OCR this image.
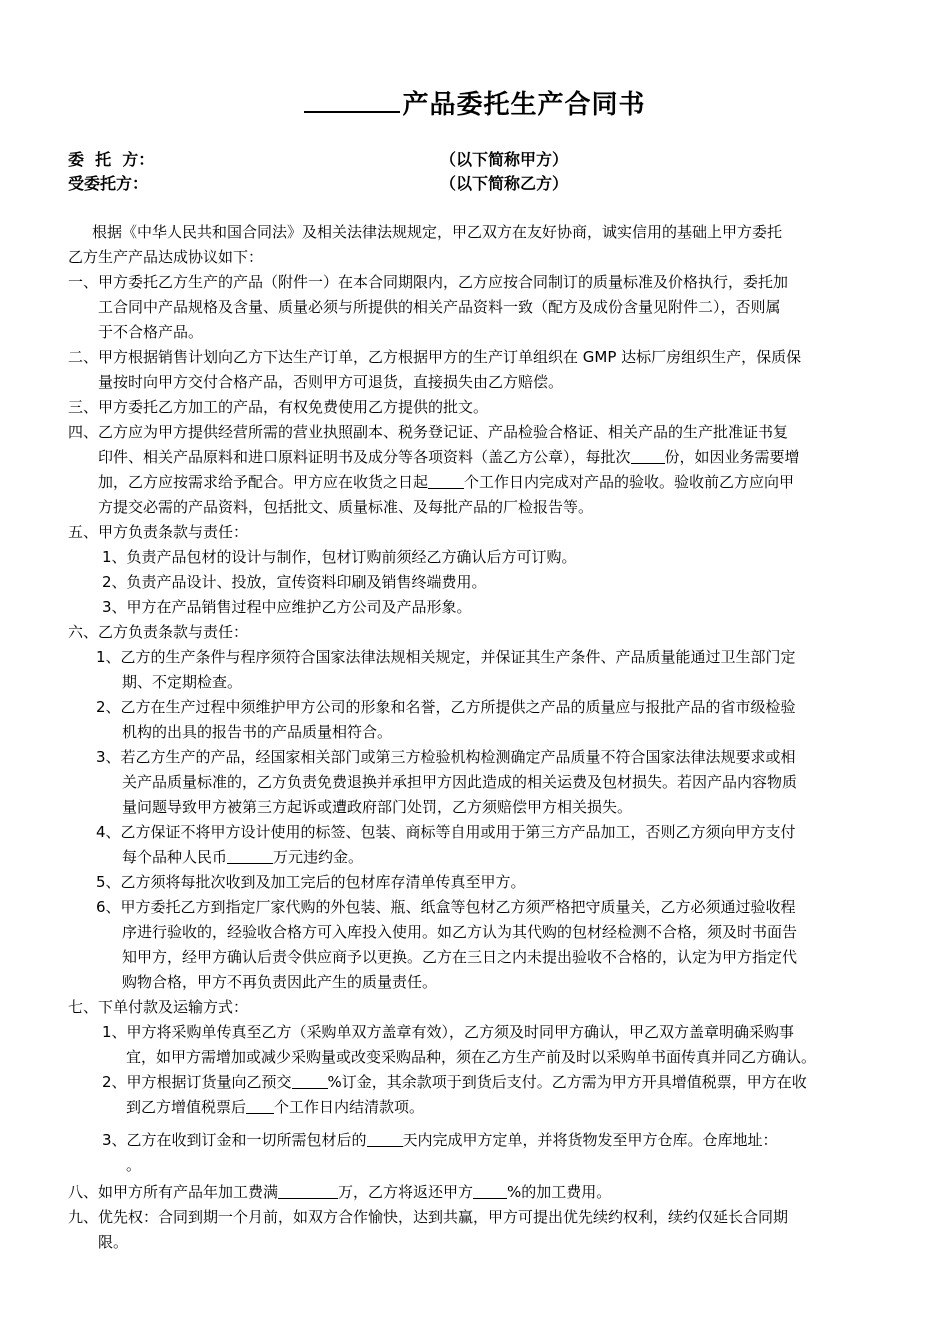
产品委托生产合同书
委  托  方：	（以下简称甲方）
受委托方：	（以下简称乙方）
根据《中华人民共和国合同法》及相关法律法规规定，甲乙双方在友好协商，诚实信用的基础上甲方委托
乙方生产产品达成协议如下：
一、甲方委托乙方生产的产品（附件一）在本合同期限内，乙方应按合同制订的质量标准及价格执行，委托加
工合同中产品规格及含量、质量必须与所提供的相关产品资料一致（配方及成份含量见附件二），否则属
于不合格产品。
二、甲方根据销售计划向乙方下达生产订单，乙方根据甲方的生产订单组织在 GMP 达标厂房组织生产，保质保
量按时向甲方交付合格产品，否则甲方可退货，直接损失由乙方赔偿。
三、甲方委托乙方加工的产品，有权免费使用乙方提供的批文。
四、乙方应为甲方提供经营所需的营业执照副本、税务登记证、产品检验合格证、相关产品的生产批准证书复
印件、相关产品原料和进口原料证明书及成分等各项资料（盖乙方公章），每批次 份，如因业务需要增
加，乙方应按需求给予配合。甲方应在收货之日起 个工作日内完成对产品的验收。验收前乙方应向甲
方提交必需的产品资料，包括批文、质量标准、及每批产品的厂检报告等。
五、甲方负责条款与责任：
1、负责产品包材的设计与制作，包材订购前须经乙方确认后方可订购。
2、负责产品设计、投放，宣传资料印刷及销售终端费用。
3、甲方在产品销售过程中应维护乙方公司及产品形象。
六、乙方负责条款与责任：
1、乙方的生产条件与程序须符合国家法律法规相关规定，并保证其生产条件、产品质量能通过卫生部门定
期、不定期检查。
2、乙方在生产过程中须维护甲方公司的形象和名誉，乙方所提供之产品的质量应与报批产品的省市级检验
机构的出具的报告书的产品质量相符合。
3、若乙方生产的产品，经国家相关部门或第三方检验机构检测确定产品质量不符合国家法律法规要求或相
关产品质量标准的，乙方负责免费退换并承担甲方因此造成的相关运费及包材损失。若因产品内容物质
量问题导致甲方被第三方起诉或遭政府部门处罚，乙方须赔偿甲方相关损失。
4、乙方保证不将甲方设计使用的标签、包装、商标等自用或用于第三方产品加工，否则乙方须向甲方支付
每个品种人民币	万元违约金。
5、乙方须将每批次收到及加工完后的包材库存清单传真至甲方。
6、甲方委托乙方到指定厂家代购的外包装、瓶、纸盒等包材乙方须严格把守质量关，乙方必须通过验收程
序进行验收的，经验收合格方可入库投入使用。如乙方认为其代购的包材经检测不合格，须及时书面告
知甲方，经甲方确认后责令供应商予以更换。乙方在三日之内未提出验收不合格的，认定为甲方指定代
购物合格，甲方不再负责因此产生的质量责任。
七、下单付款及运输方式：
1、甲方将采购单传真至乙方（采购单双方盖章有效），乙方须及时同甲方确认，甲乙双方盖章明确采购事
宜，如甲方需增加或减少采购量或改变采购品种，须在乙方生产前及时以采购单书面传真并同乙方确认。
2、甲方根据订货量向乙预交 %订金，其余款项于到货后支付。乙方需为甲方开具增值税票，甲方在收
到乙方增值税票后 个工作日内结清款项。
3、乙方在收到订金和一切所需包材后的 天内完成甲方定单，并将货物发至甲方仓库。仓库地址：
。
八、如甲方所有产品年加工费满	万，乙方将返还甲方 %的加工费用。
九、优先权：合同到期一个月前，如双方合作愉快，达到共赢，甲方可提出优先续约权利，续约仅延长合同期
限。
